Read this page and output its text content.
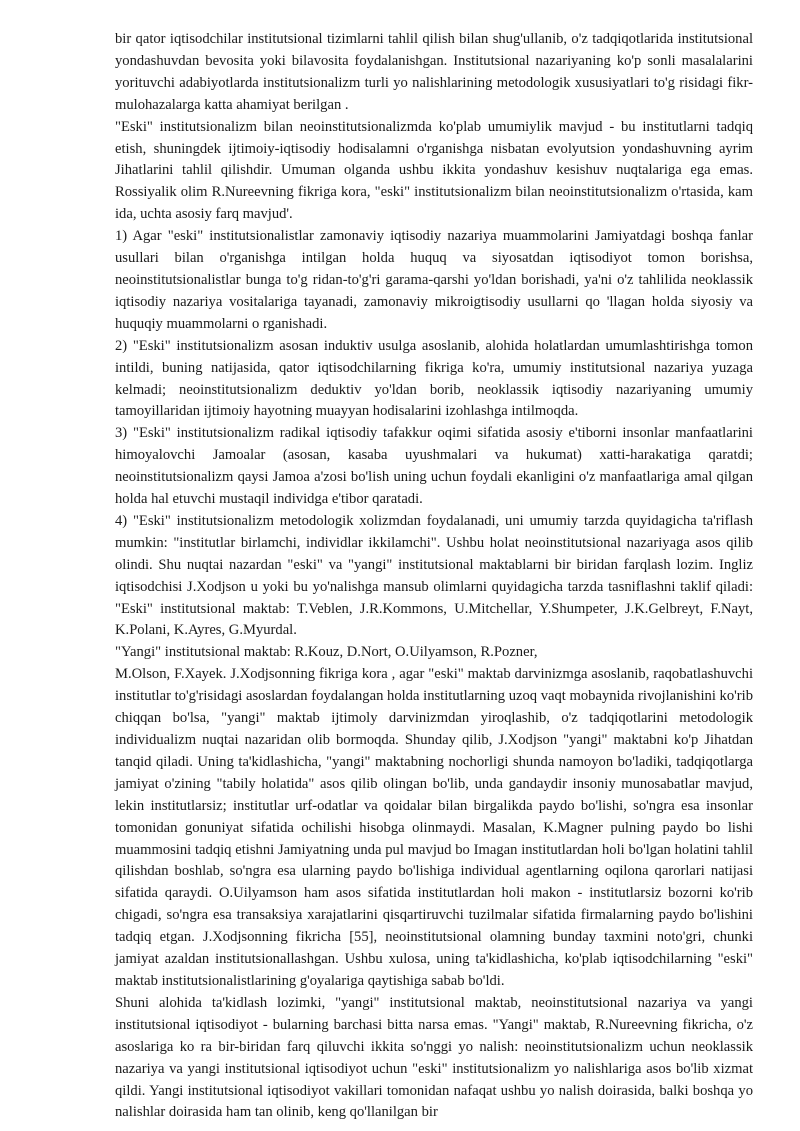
bir qator iqtisodchilar institutsional tizimlarni tahlil qilish bilan shug'ullanib, o'z tadqiqotlarida institutsional yondashuvdan bevosita yoki bilavosita foydalanishgan. Institutsional nazariyaning ko'p sonli masalalarini yorituvchi adabiyotlarda institutsionalizm turli yo nalishlarining metodologik xususiyatlari to'g risidagi fikr-mulohazalarga katta ahamiyat berilgan .

"Eski" institutsionalizm bilan neoinstitutsionalizmda ko'plab umumiylik mavjud - bu institutlarni tadqiq etish, shuningdek ijtimoiy-iqtisodiy hodisalamni o'rganishga nisbatan evolyutsion yondashuvning ayrim Jihatlarini tahlil qilishdir. Umuman olganda ushbu ikkita yondashuv kesishuv nuqtalariga ega emas. Rossiyalik olim R.Nureevning fikriga kora, "eski" institutsionalizm bilan neoinstitutsionalizm o'rtasida, kam ida, uchta asosiy farq mavjud'.

1) Agar "eski" institutsionalistlar zamonaviy iqtisodiy nazariya muammolarini Jamiyatdagi boshqa fanlar usullari bilan o'rganishga intilgan holda huquq va siyosatdan iqtisodiyot tomon borishsa, neoinstitutsionalistlar bunga to'g ridan-to'g'ri garama-qarshi yo'ldan borishadi, ya'ni o'z tahlilida neoklassik iqtisodiy nazariya vositalariga tayanadi, zamonaviy mikroigtisodiy usullarni qo 'llagan holda siyosiy va huquqiy muammolarni o rganishadi.

2) "Eski" institutsionalizm asosan induktiv usulga asoslanib, alohida holatlardan umumlashtirishga tomon intildi, buning natijasida, qator iqtisodchilarning fikriga ko'ra, umumiy institutsional nazariya yuzaga kelmadi; neoinstitutsionalizm deduktiv yo'ldan borib, neoklassik iqtisodiy nazariyaning umumiy tamoyillaridan ijtimoiy hayotning muayyan hodisalarini izohlashga intilmoqda.

3) "Eski" institutsionalizm radikal iqtisodiy tafakkur oqimi sifatida asosiy e'tiborni insonlar manfaatlarini himoyalovchi Jamoalar (asosan, kasaba uyushmalari va hukumat) xatti-harakatiga qaratdi; neoinstitutsionalizm qaysi Jamoa a'zosi bo'lish uning uchun foydali ekanligini o'z manfaatlariga amal qilgan holda hal etuvchi mustaqil individga e'tibor qaratadi.

4) "Eski" institutsionalizm metodologik xolizmdan foydalanadi, uni umumiy tarzda quyidagicha ta'riflash mumkin: "institutlar birlamchi, individlar ikkilamchi". Ushbu holat neoinstitutsional nazariyaga asos qilib olindi. Shu nuqtai nazardan "eski" va "yangi" institutsional maktablarni bir biridan farqlash lozim. Ingliz iqtisodchisi J.Xodjson u yoki bu yo'nalishga mansub olimlarni quyidagicha tarzda tasniflashni taklif qiladi: "Eski" institutsional maktab: T.Veblen, J.R.Kommons, U.Mitchellar, Y.Shumpeter, J.K.Gelbreyt, F.Nayt, K.Polani, K.Ayres, G.Myurdal.

"Yangi" institutsional maktab: R.Kouz, D.Nort, O.Uilyamson, R.Pozner,

M.Olson, F.Xayek. J.Xodjsonning fikriga kora , agar "eski" maktab darvinizmga asoslanib, raqobatlashuvchi institutlar to'g'risidagi asoslardan foydalangan holda institutlarning uzoq vaqt mobaynida rivojlanishini ko'rib chiqqan bo'lsa, "yangi" maktab ijtimoly darvinizmdan yiroqlashib, o'z tadqiqotlarini metodologik individualizm nuqtai nazaridan olib bormoqda. Shunday qilib, J.Xodjson "yangi" maktabni ko'p Jihatdan tanqid qiladi. Uning ta'kidlashicha, "yangi" maktabning nochorligi shunda namoyon bo'ladiki, tadqiqotlarga jamiyat o'zining "tabily holatida" asos qilib olingan bo'lib, unda gandaydir insoniy munosabatlar mavjud, lekin institutlarsiz; institutlar urf-odatlar va qoidalar bilan birgalikda paydo bo'lishi, so'ngra esa insonlar tomonidan gonuniyat sifatida ochilishi hisobga olinmaydi. Masalan, K.Magner pulning paydo bo lishi muammosini tadqiq etishni Jamiyatning unda pul mavjud bo Imagan institutlardan holi bo'lgan holatini tahlil qilishdan boshlab, so'ngra esa ularning paydo bo'lishiga individual agentlarning oqilona qarorlari natijasi sifatida qaraydi. O.Uilyamson ham asos sifatida institutlardan holi makon - institutlarsiz bozorni ko'rib chigadi, so'ngra esa transaksiya xarajatlarini qisqartiruvchi tuzilmalar sifatida firmalarning paydo bo'lishini tadqiq etgan. J.Xodjsonning fikricha [55], neoinstitutsional olamning bunday taxmini noto'gri, chunki jamiyat azaldan institutsionallashgan. Ushbu xulosa, uning ta'kidlashicha, ko'plab iqtisodchilarning "eski" maktab institutsionalistlarining g'oyalariga qaytishiga sabab bo'ldi.

Shuni alohida ta'kidlash lozimki, "yangi" institutsional maktab, neoinstitutsional nazariya va yangi institutsional iqtisodiyot - bularning barchasi bitta narsa emas. "Yangi" maktab, R.Nureevning fikricha, o'z asoslariga ko ra bir-biridan farq qiluvchi ikkita so'nggi yo nalish: neoinstitutsionalizm uchun neoklassik nazariya va yangi institutsional iqtisodiyot uchun "eski" institutsionalizm yo nalishlariga asos bo'lib xizmat qildi. Yangi institutsional iqtisodiyot vakillari tomonidan nafaqat ushbu yo nalish doirasida, balki boshqa yo nalishlar doirasida ham tan olinib, keng qo'llanilgan bir
